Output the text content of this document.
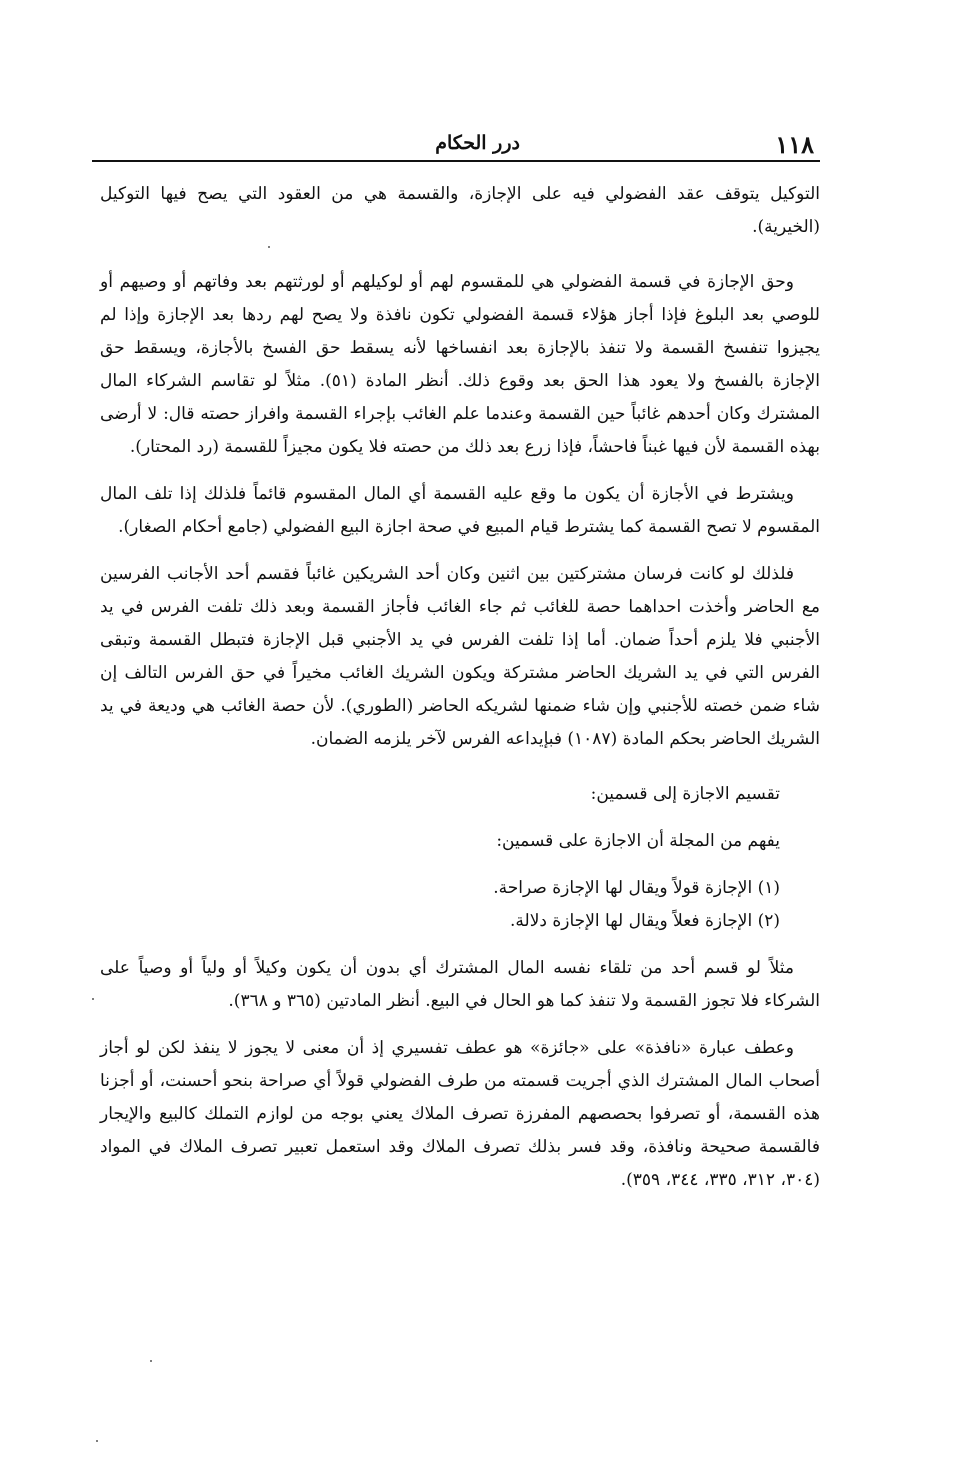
١١٨
درر الحكام

التوكيل يتوقف عقد الفضولي فيه على الإجازة، والقسمة هي من العقود التي يصح فيها التوكيل (الخيرية).

وحق الإجازة في قسمة الفضولي هي للمقسوم لهم أو لوكيلهم أو لورثتهم بعد وفاتهم أو وصيهم أو للوصي بعد البلوغ فإذا أجاز هؤلاء قسمة الفضولي تكون نافذة ولا يصح لهم ردها بعد الإجازة وإذا لم يجيزوا تنفسخ القسمة ولا تنفذ بالإجازة بعد انفساخها لأنه يسقط حق الفسخ بالأجازة، ويسقط حق الإجازة بالفسخ ولا يعود هذا الحق بعد وقوع ذلك. أنظر المادة (٥١). مثلاً لو تقاسم الشركاء المال المشترك وكان أحدهم غائباً حين القسمة وعندما علم الغائب بإجراء القسمة وافراز حصته قال: لا أرضى بهذه القسمة لأن فيها غبناً فاحشاً، فإذا زرع بعد ذلك من حصته فلا يكون مجيزاً للقسمة (رد المحتار).

ويشترط في الأجازة أن يكون ما وقع عليه القسمة أي المال المقسوم قائماً فلذلك إذا تلف المال المقسوم لا تصح القسمة كما يشترط قيام المبيع في صحة اجازة البيع الفضولي (جامع أحكام الصغار).

فلذلك لو كانت فرسان مشتركتين بين اثنين وكان أحد الشريكين غائباً فقسم أحد الأجانب الفرسين مع الحاضر وأخذت احداهما حصة للغائب ثم جاء الغائب فأجاز القسمة وبعد ذلك تلفت الفرس في يد الأجنبي فلا يلزم أحداً ضمان. أما إذا تلفت الفرس في يد الأجنبي قبل الإجازة فتبطل القسمة وتبقى الفرس التي في يد الشريك الحاضر مشتركة ويكون الشريك الغائب مخيراً في حق الفرس التالف إن شاء ضمن خصته للأجنبي وإن شاء ضمنها لشريكه الحاضر (الطوري). لأن حصة الغائب هي وديعة في يد الشريك الحاضر بحكم المادة (١٠٨٧) فبإيداعه الفرس لآخر يلزمه الضمان.

تقسيم الاجازة إلى قسمين:

يفهم من المجلة أن الاجازة على قسمين:

(١) الإجازة قولاً ويقال لها الإجازة صراحة.

(٢) الإجازة فعلاً ويقال لها الإجازة دلالة.

مثلاً لو قسم أحد من تلقاء نفسه المال المشترك أي بدون أن يكون وكيلاً أو ولياً أو وصياً على الشركاء فلا تجوز القسمة ولا تنفذ كما هو الحال في البيع. أنظر المادتين (٣٦٥ و ٣٦٨).

وعطف عبارة «نافذة» على «جائزة» هو عطف تفسيري إذ أن معنى لا يجوز لا ينفذ لكن لو أجاز أصحاب المال المشترك الذي أجريت قسمته من طرف الفضولي قولاً أي صراحة بنحو أحسنت، أو أجزنا هذه القسمة، أو تصرفوا بحصصهم المفرزة تصرف الملاك يعني بوجه من لوازم التملك كالبيع والإيجار فالقسمة صحيحة ونافذة، وقد فسر بذلك تصرف الملاك وقد استعمل تعبير تصرف الملاك في المواد (٣٠٤، ٣١٢، ٣٣٥، ٣٤٤، ٣٥٩).
